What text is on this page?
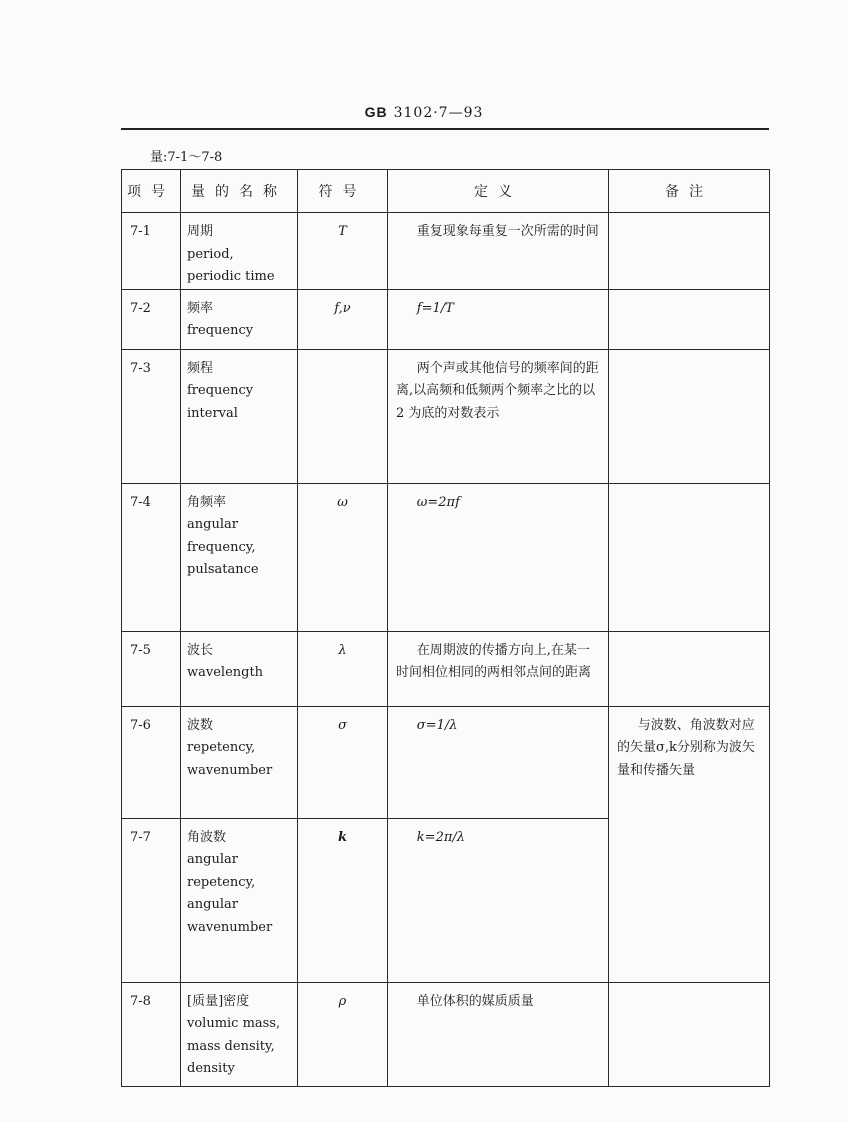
GB 3102·7—93
量:7-1～7-8
项号	量的名称	符号	定义	备注
7-1	周期
period,
periodic time	T	重复现象每重复一次所需的时间	
7-2	频率
frequency	f,ν	f=1/T	
7-3	频程
frequency
interval		两个声或其他信号的频率间的距离,以高频和低频两个频率之比的以 2 为底的对数表示	
7-4	角频率
angular
frequency,
pulsatance	ω	ω=2πf	
7-5	波长
wavelength	λ	在周期波的传播方向上,在某一时间相位相同的两相邻点间的距离	
7-6	波数
repetency,
wavenumber	σ	σ=1/λ	与波数、角波数对应的矢量σ,k分别称为波矢量和传播矢量
7-7	角波数
angular
repetency,
angular
wavenumber	k	k=2π/λ	
7-8	[质量]密度
volumic mass,
mass density,
density	ρ	单位体积的媒质质量	
